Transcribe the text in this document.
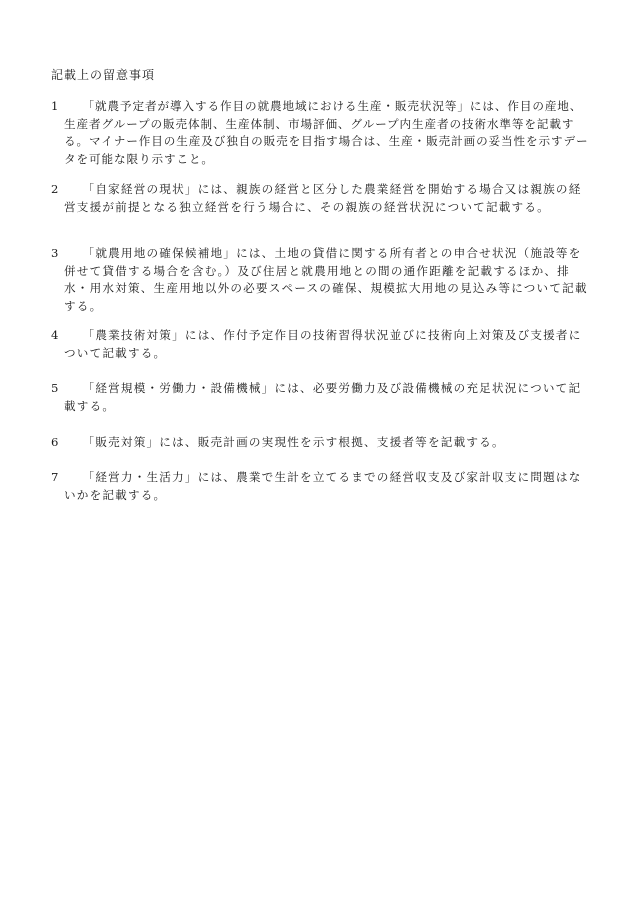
記載上の留意事項
1	「就農予定者が導入する作目の就農地域における生産・販売状況等」には、作目の産地、生産者グループの販売体制、生産体制、市場評価、グループ内生産者の技術水準等を記載する。マイナー作目の生産及び独自の販売を目指す場合は、生産・販売計画の妥当性を示すデータを可能な限り示すこと。
2	「自家経営の現状」には、親族の経営と区分した農業経営を開始する場合又は親族の経営支援が前提となる独立経営を行う場合に、その親族の経営状況について記載する。
3	「就農用地の確保候補地」には、土地の貸借に関する所有者との申合せ状況（施設等を併せて貸借する場合を含む。）及び住居と就農用地との間の通作距離を記載するほか、排水・用水対策、生産用地以外の必要スペースの確保、規模拡大用地の見込み等について記載する。
4	「農業技術対策」には、作付予定作目の技術習得状況並びに技術向上対策及び支援者について記載する。
5	「経営規模・労働力・設備機械」には、必要労働力及び設備機械の充足状況について記載する。
6	「販売対策」には、販売計画の実現性を示す根拠、支援者等を記載する。
7	「経営力・生活力」には、農業で生計を立てるまでの経営収支及び家計収支に問題はないかを記載する。
